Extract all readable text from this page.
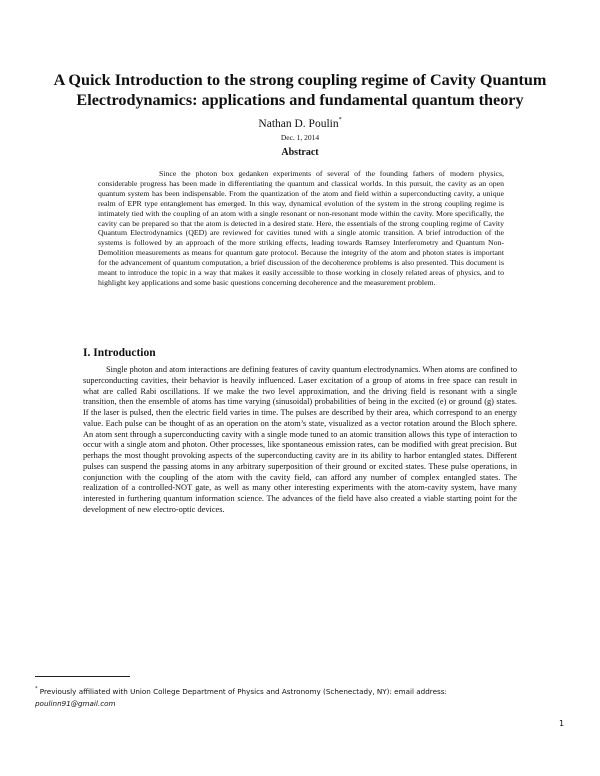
A Quick Introduction to the strong coupling regime of Cavity Quantum Electrodynamics: applications and fundamental quantum theory
Nathan D. Poulin*
Dec. 1, 2014
Abstract

Since the photon box gedanken experiments of several of the founding fathers of modern physics, considerable progress has been made in differentiating the quantum and classical worlds. In this pursuit, the cavity as an open quantum system has been indispensable. From the quantization of the atom and field within a superconducting cavity, a unique realm of EPR type entanglement has emerged. In this way, dynamical evolution of the system in the strong coupling regime is intimately tied with the coupling of an atom with a single resonant or non-resonant mode within the cavity. More specifically, the cavity can be prepared so that the atom is detected in a desired state. Here, the essentials of the strong coupling regime of Cavity Quantum Electrodynamics (QED) are reviewed for cavities tuned with a single atomic transition. A brief introduction of the systems is followed by an approach of the more striking effects, leading towards Ramsey Interferometry and Quantum Non-Demolition measurements as means for quantum gate protocol. Because the integrity of the atom and photon states is important for the advancement of quantum computation, a brief discussion of the decoherence problems is also presented. This document is meant to introduce the topic in a way that makes it easily accessible to those working in closely related areas of physics, and to highlight key applications and some basic questions concerning decoherence and the measurement problem.

I. Introduction

Single photon and atom interactions are defining features of cavity quantum electrodynamics. When atoms are confined to superconducting cavities, their behavior is heavily influenced. Laser excitation of a group of atoms in free space can result in what are called Rabi oscillations. If we make the two level approximation, and the driving field is resonant with a single transition, then the ensemble of atoms has time varying (sinusoidal) probabilities of being in the excited (e) or ground (g) states. If the laser is pulsed, then the electric field varies in time. The pulses are described by their area, which correspond to an energy value. Each pulse can be thought of as an operation on the atom’s state, visualized as a vector rotation around the Bloch sphere. An atom sent through a superconducting cavity with a single mode tuned to an atomic transition allows this type of interaction to occur with a single atom and photon. Other processes, like spontaneous emission rates, can be modified with great precision. But perhaps the most thought provoking aspects of the superconducting cavity are in its ability to harbor entangled states. Different pulses can suspend the passing atoms in any arbitrary superposition of their ground or excited states. These pulse operations, in conjunction with the coupling of the atom with the cavity field, can afford any number of complex entangled states. The realization of a controlled-NOT gate, as well as many other interesting experiments with the atom-cavity system, have many interested in furthering quantum information science. The advances of the field have also created a viable starting point for the development of new electro-optic devices.

* Previously affiliated with Union College Department of Physics and Astronomy (Schenectady, NY): email address:
poulinn91@gmail.com

1
